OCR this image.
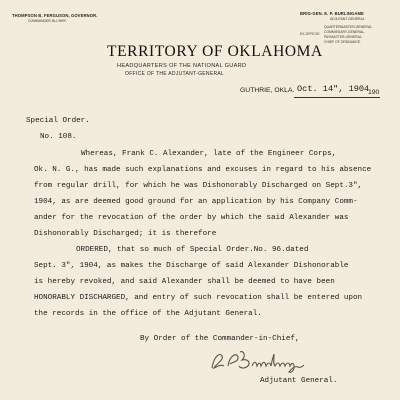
THOMPSON B. FERGUSON, GOVERNOR.
COMMANDER-IN-CHIEF.
BRIG-GEN. E. P. BURLINGAME
ADJUTANT-GENERAL.
EX-OFFICIO
QUARTERMASTER-GENERAL.
COMMISSARY-GENERAL.
PAYMASTER-GENERAL.
CHIEF OF ORDNANCE.
TERRITORY OF OKLAHOMA
HEADQUARTERS OF THE NATIONAL GUARD
OFFICE OF THE ADJUTANT-GENERAL
GUTHRIE, OKLA. Oct. 14", 1904
190
Special Order.
No. 108.
Whereas, Frank C. Alexander, late of the Engineer Corps,
Ok. N. G., has made such explanations and excuses in regard to his absence
from regular drill, for which he was Dishonorably Discharged on Sept.3",
1904, as are deemed good ground for an application by his Company Comm-
ander for the revocation of the order by which the said Alexander was
Dishonorably Discharged; it is therefore
ORDERED, that so much of Special Order.No. 96.dated
Sept. 3", 1904, as makes the Discharge of said Alexander Dishonorable
is hereby revoked, and said Alexander shall be deemed to have been
HONORABLY DISCHARGED, and entry of such revocation shall be entered upon
the records in the office of the Adjutant General.
By Order of the Commander-in-Chief,
Adjutant General.
